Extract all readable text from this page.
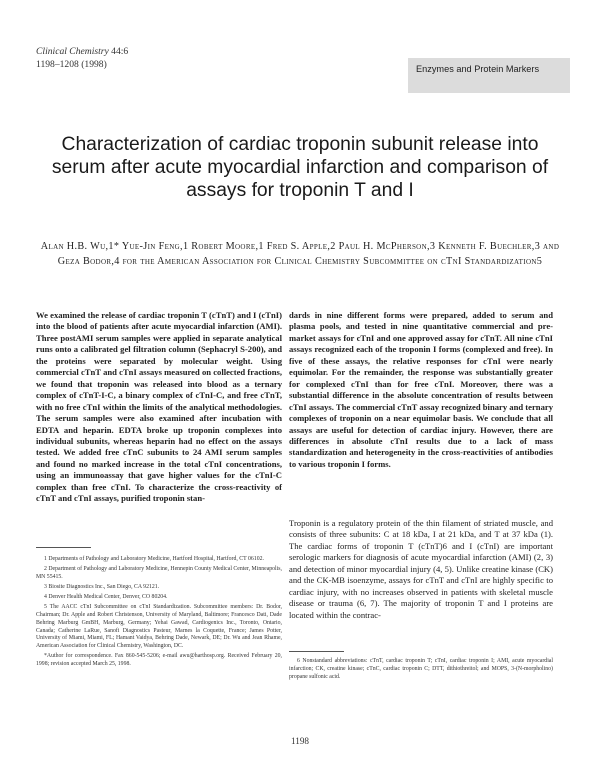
Clinical Chemistry 44:6
1198–1208 (1998)	Enzymes and Protein Markers
Characterization of cardiac troponin subunit release into serum after acute myocardial infarction and comparison of assays for troponin T and I
Alan H.B. Wu,1* Yue-Jin Feng,1 Robert Moore,1 Fred S. Apple,2 Paul H. McPherson,3 Kenneth F. Buechler,3 and Geza Bodor,4 for the American Association for Clinical Chemistry Subcommittee on cTnI Standardization5
We examined the release of cardiac troponin T (cTnT) and I (cTnI) into the blood of patients after acute myocardial infarction (AMI). Three postAMI serum samples were applied in separate analytical runs onto a calibrated gel filtration column (Sephacryl S-200), and the proteins were separated by molecular weight. Using commercial cTnT and cTnI assays measured on collected fractions, we found that troponin was released into blood as a ternary complex of cTnT-I-C, a binary complex of cTnI-C, and free cTnT, with no free cTnI within the limits of the analytical methodologies. The serum samples were also examined after incubation with EDTA and heparin. EDTA broke up troponin complexes into individual subunits, whereas heparin had no effect on the assays tested. We added free cTnC subunits to 24 AMI serum samples and found no marked increase in the total cTnI concentrations, using an immunoassay that gave higher values for the cTnI-C complex than free cTnI. To characterize the cross-reactivity of cTnT and cTnI assays, purified troponin stan-
dards in nine different forms were prepared, added to serum and plasma pools, and tested in nine quantitative commercial and pre-market assays for cTnI and one approved assay for cTnT. All nine cTnI assays recognized each of the troponin I forms (complexed and free). In five of these assays, the relative responses for cTnI were nearly equimolar. For the remainder, the response was substantially greater for complexed cTnI than for free cTnI. Moreover, there was a substantial difference in the absolute concentration of results between cTnI assays. The commercial cTnT assay recognized binary and ternary complexes of troponin on a near equimolar basis. We conclude that all assays are useful for detection of cardiac injury. However, there are differences in absolute cTnI results due to a lack of mass standardization and heterogeneity in the cross-reactivities of antibodies to various troponin I forms.
Troponin is a regulatory protein of the thin filament of striated muscle, and consists of three subunits: C at 18 kDa, I at 21 kDa, and T at 37 kDa (1). The cardiac forms of troponin T (cTnT)6 and I (cTnI) are important serologic markers for diagnosis of acute myocardial infarction (AMI) (2, 3) and detection of minor myocardial injury (4, 5). Unlike creatine kinase (CK) and the CK-MB isoenzyme, assays for cTnT and cTnI are highly specific to cardiac injury, with no increases observed in patients with skeletal muscle disease or trauma (6, 7). The majority of troponin T and I proteins are located within the contrac-

1 Departments of Pathology and Laboratory Medicine, Hartford Hospital, Hartford, CT 06102.

2 Department of Pathology and Laboratory Medicine, Hennepin County Medical Center, Minneapolis, MN 55415.

3 Biosite Diagnostics Inc., San Diego, CA 92121.

4 Denver Health Medical Center, Denver, CO 80204.

5 The AACC cTnI Subcommittee on cTnI Standardization. Subcommittee members: Dr. Bodor, Chairman; Dr. Apple and Robert Christenson, University of Maryland, Baltimore; Francesco Dati, Dade Behring Marburg GmBH, Marburg, Germany; Yehai Gawad, Cardiogenics Inc., Toronto, Ontario, Canada; Catherine LaRue, Sanofi Diagnostics Pasteur, Marnes la Coquette, France; James Potter, University of Miami, Miami, FL; Hamant Vaidya, Behring Dade, Newark, DE; Dr. Wu and Jean Rhame, American Association for Clinical Chemistry, Washington, DC.

*Author for correspondence. Fax 860-545-5206; e-mail awu@harthosp.org. Received February 20, 1998; revision accepted March 25, 1998.

6 Nonstandard abbreviations: cTnT, cardiac troponin T; cTnI, cardiac troponin I; AMI, acute myocardial infarction; CK, creatine kinase; cTnC, cardiac troponin C; DTT, dithiothreitol; and MOPS, 3-(N-morpholino) propane sulfonic acid.

1198
